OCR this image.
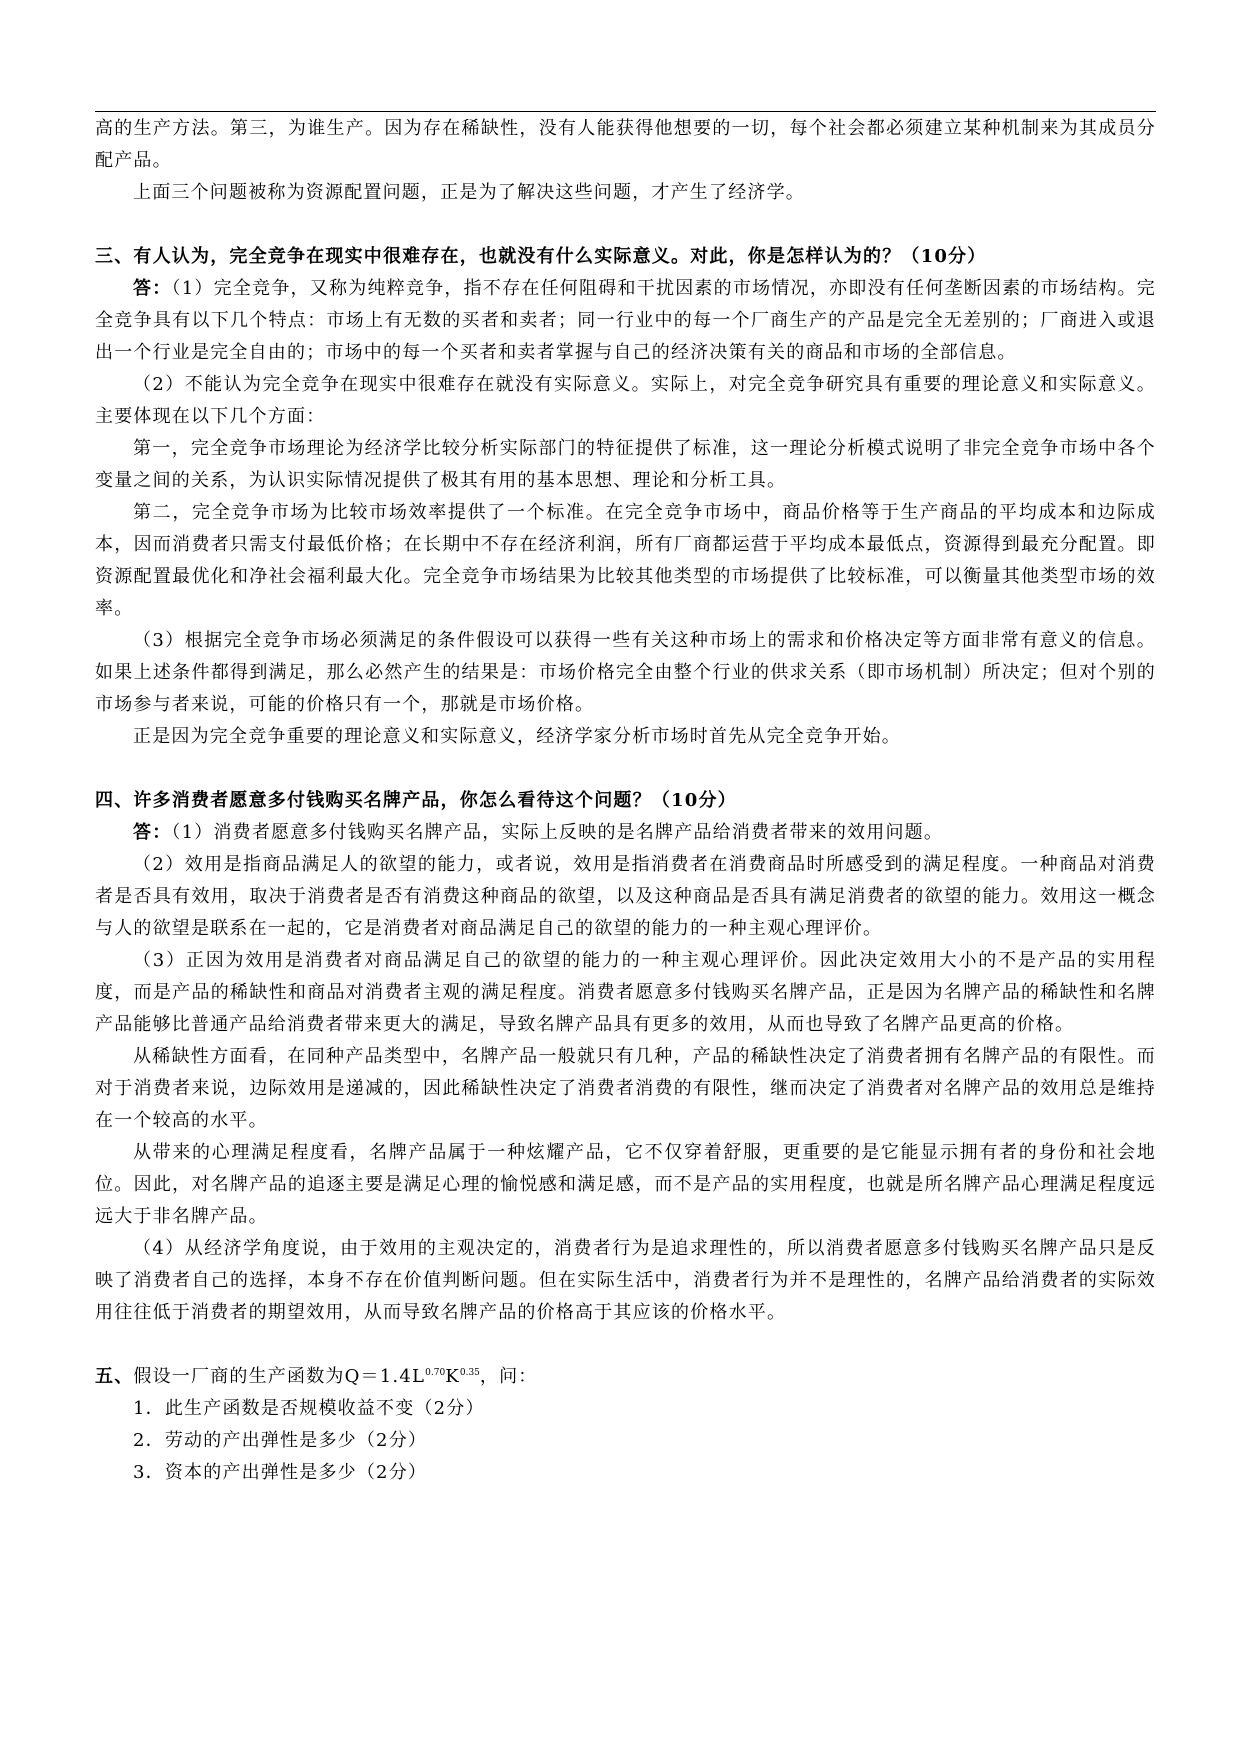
高的生产方法。第三，为谁生产。因为存在稀缺性，没有人能获得他想要的一切，每个社会都必须建立某种机制来为其成员分配产品。

上面三个问题被称为资源配置问题，正是为了解决这些问题，才产生了经济学。

三、有人认为，完全竞争在现实中很难存在，也就没有什么实际意义。对此，你是怎样认为的？（10分）

答：（1）完全竞争，又称为纯粹竞争，指不存在任何阻碍和干扰因素的市场情况，亦即没有任何垄断因素的市场结构。完全竞争具有以下几个特点：市场上有无数的买者和卖者；同一行业中的每一个厂商生产的产品是完全无差别的；厂商进入或退出一个行业是完全自由的；市场中的每一个买者和卖者掌握与自己的经济决策有关的商品和市场的全部信息。

（2）不能认为完全竞争在现实中很难存在就没有实际意义。实际上，对完全竞争研究具有重要的理论意义和实际意义。主要体现在以下几个方面：

第一，完全竞争市场理论为经济学比较分析实际部门的特征提供了标准，这一理论分析模式说明了非完全竞争市场中各个变量之间的关系，为认识实际情况提供了极其有用的基本思想、理论和分析工具。

第二，完全竞争市场为比较市场效率提供了一个标准。在完全竞争市场中，商品价格等于生产商品的平均成本和边际成本，因而消费者只需支付最低价格；在长期中不存在经济利润，所有厂商都运营于平均成本最低点，资源得到最充分配置。即资源配置最优化和净社会福利最大化。完全竞争市场结果为比较其他类型的市场提供了比较标准，可以衡量其他类型市场的效率。

（3）根据完全竞争市场必须满足的条件假设可以获得一些有关这种市场上的需求和价格决定等方面非常有意义的信息。如果上述条件都得到满足，那么必然产生的结果是：市场价格完全由整个行业的供求关系（即市场机制）所决定；但对个别的市场参与者来说，可能的价格只有一个，那就是市场价格。

正是因为完全竞争重要的理论意义和实际意义，经济学家分析市场时首先从完全竞争开始。

四、许多消费者愿意多付钱购买名牌产品，你怎么看待这个问题？（10分）

答：（1）消费者愿意多付钱购买名牌产品，实际上反映的是名牌产品给消费者带来的效用问题。

（2）效用是指商品满足人的欲望的能力，或者说，效用是指消费者在消费商品时所感受到的满足程度。一种商品对消费者是否具有效用，取决于消费者是否有消费这种商品的欲望，以及这种商品是否具有满足消费者的欲望的能力。效用这一概念与人的欲望是联系在一起的，它是消费者对商品满足自己的欲望的能力的一种主观心理评价。

（3）正因为效用是消费者对商品满足自己的欲望的能力的一种主观心理评价。因此决定效用大小的不是产品的实用程度，而是产品的稀缺性和商品对消费者主观的满足程度。消费者愿意多付钱购买名牌产品，正是因为名牌产品的稀缺性和名牌产品能够比普通产品给消费者带来更大的满足，导致名牌产品具有更多的效用，从而也导致了名牌产品更高的价格。

从稀缺性方面看，在同种产品类型中，名牌产品一般就只有几种，产品的稀缺性决定了消费者拥有名牌产品的有限性。而对于消费者来说，边际效用是递减的，因此稀缺性决定了消费者消费的有限性，继而决定了消费者对名牌产品的效用总是维持在一个较高的水平。

从带来的心理满足程度看，名牌产品属于一种炫耀产品，它不仅穿着舒服，更重要的是它能显示拥有者的身份和社会地位。因此，对名牌产品的追逐主要是满足心理的愉悦感和满足感，而不是产品的实用程度，也就是所名牌产品心理满足程度远远大于非名牌产品。

（4）从经济学角度说，由于效用的主观决定的，消费者行为是追求理性的，所以消费者愿意多付钱购买名牌产品只是反映了消费者自己的选择，本身不存在价值判断问题。但在实际生活中，消费者行为并不是理性的，名牌产品给消费者的实际效用往往低于消费者的期望效用，从而导致名牌产品的价格高于其应该的价格水平。

五、假设一厂商的生产函数为$Q=1.4L^{0.70}K^{0.35}$，问：

1．此生产函数是否规模收益不变（2分）

2．劳动的产出弹性是多少（2分）

3．资本的产出弹性是多少（2分）
